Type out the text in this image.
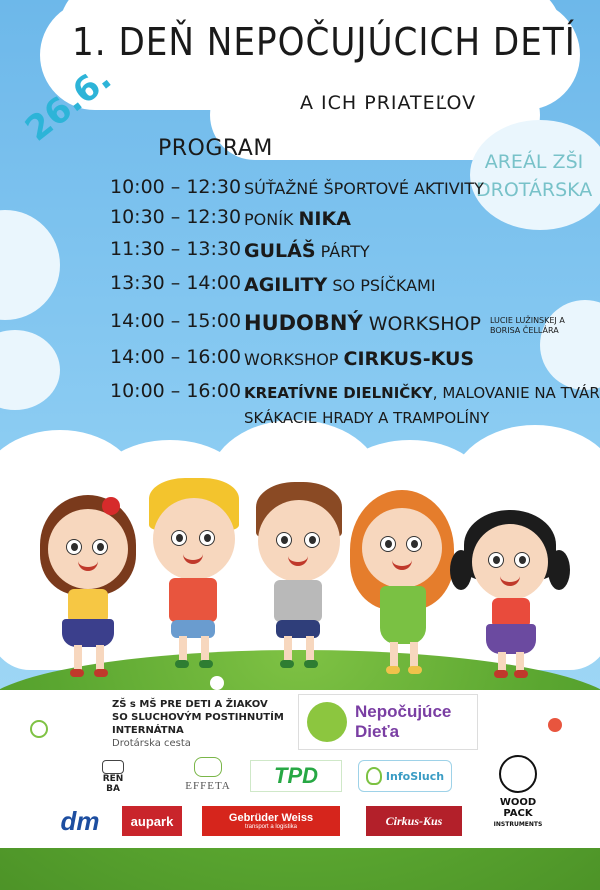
1. DEŇ NEPOČUJÚCICH DETÍ
A ICH PRIATEĽOV
26.6.
AREÁL ZŠI
DROTÁRSKA
PROGRAM
10:00 – 12:30 SÚŤAŽNÉ ŠPORTOVÉ AKTIVITY
10:30 – 12:30 PONÍK NIKA
11:30 – 13:30 GULÁŠ PÁRTY
13:30 – 14:00 AGILITY SO PSÍČKAMI
14:00 – 15:00 HUDOBNÝ WORKSHOP LUCIE LUŽINSKEJ A
BORISA ČELLÁRA
14:00 – 16:00 WORKSHOP CIRKUS-KUS
10:00 – 16:00 KREATÍVNE DIELNIČKY, MALOVANIE NA TVÁR
SKÁKACIE HRADY A TRAMPOLÍNY
ZŠ s MŠ PRE DETI A ŽIAKOV
SO SLUCHOVÝM POSTIHNUTÍM
INTERNÁTNA
Drotárska cesta
Nepočujúce
Dieťa
REN
BA	EFFETA TPD	InfoSluch
WOOD
PACK
INSTRUMENTS
dm aupark	Gebrüder Weiss
transport a logistika	Cirkus-Kus
